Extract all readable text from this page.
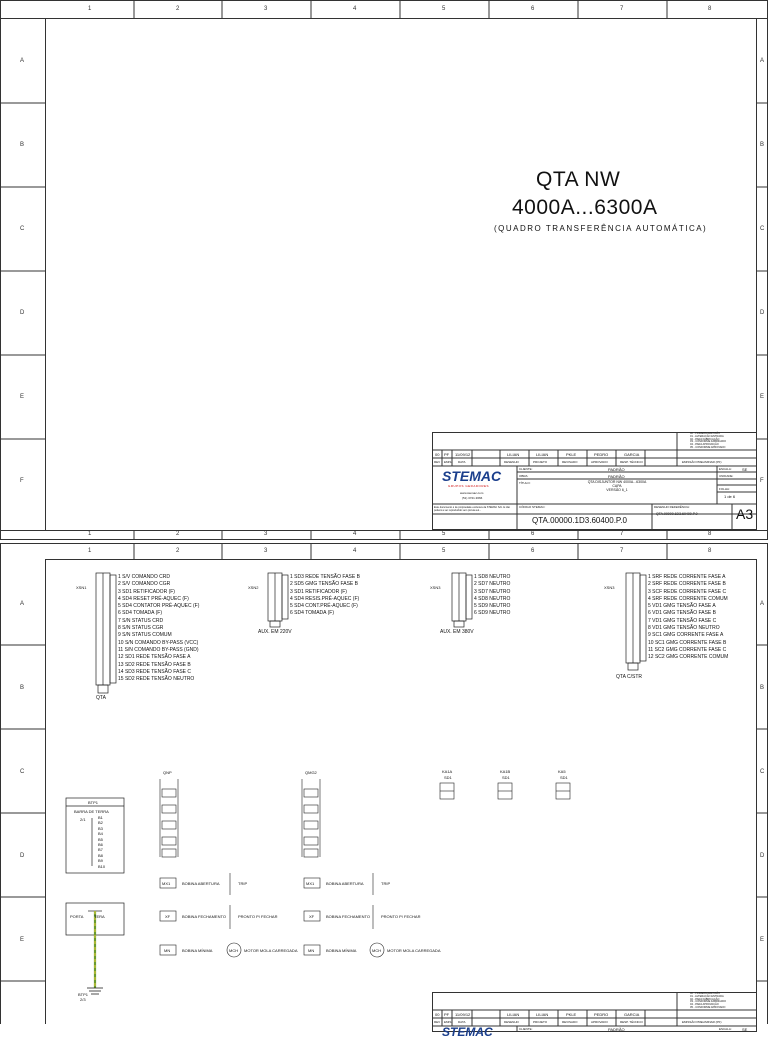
1	2	3	4	5	6	7	8
1	2	3	4	5	6	7	8
A
B
C
D
E
F
A
B
C
D
E
F
QTA NW
4000A...6300A
(QUADRO TRANSFERÊNCIA AUTOMÁTICA)
00 - PRIMEIRA EMISSÃO
01 - ALTERAÇÃO ENTRADA
02 - PARA FABRICAÇÃO
03 - CONFORME FABRICADO
04 - PARA APROVAÇÃO
05 - CONFORME APROVADO
00 PF 11/09/12	LILIAN	LILIAN	PKLE	PEDRO	GARCIA
REV EMIS DATA	DESENHO	PROJETO	REVISADO	APROVADO	RESP. TÉCNICO	EMISSÃO PRELIMINAR (PF)
STEMAC
GRUPOS GERADORES
www.stemac.com
(51) 3721.3666
Este documento é de propriedade exclusiva da STEMAC S/A. E não poderá a ser reproduzido sem prévia aut...
CLIENTE:	PADRÃO
OBRA:	PADRÃO
TÍTULO:	QTA DISJUNTOR NW 4000A...6300A
CAPA
VERSÃO 6_1
ESCALA:	SE
UNIDADE:
FOLHA:
1 de 6
CÓDIGO STEMAC:
QTA.00000.1D3.60400.P.0
DESENHO REFERÊNCIA:
QTA.00000.1D3.60400.P.0	A3
1	2	3	4	5	6	7	8
A
B
C
D
E
A
B
C
D
E
XSN1
QTA
1 S/V COMANDO CRD
2 S/V COMANDO CGR
3 SD1 RETIFICADOR (F)
4 SD4 RESET PRÉ-AQUEC (F)
5 SD4 CONTATOR PRÉ-AQUEC (F)
6 SD4 TOMADA (F)
7 S/N STATUS CRD
8 S/N STATUS CGR
9 S/N STATUS COMUM
10 S/N COMANDO BY-PASS (VCC)
11 S/N COMANDO BY-PASS (GND)
12 SD1 REDE TENSÃO FASE A
13 SD2 REDE TENSÃO FASE B
14 SD3 REDE TENSÃO FASE C
15 SD2 REDE TENSÃO NEUTRO
XSN2
AUX. EM 220V
1 SD3 REDE TENSÃO FASE B
2 SD5 GMG TENSÃO FASE B
3 SD1 RETIFICADOR (F)
4 SD4 RESIS.PRÉ-AQUEC (F)
5 SD4 CONT.PRÉ-AQUEC (F)
6 SD4 TOMADA (F)
XSN3
AUX. EM 380V
1 SD8 NEUTRO
2 SD7 NEUTRO
3 SD7 NEUTRO
4 SD8 NEUTRO
5 SD9 NEUTRO
6 SD9 NEUTRO
XSN3
QTA C/STR
1 SRF REDE CORRENTE FASE A
2 SRF REDE CORRENTE FASE B
3 SCF REDE CORRENTE FASE C
4 SRF REDE CORRENTE COMUM
5 VD1 GMG TENSÃO FASE A
6 VD1 GMG TENSÃO FASE B
7 VD1 GMG TENSÃO FASE C
8 VD1 GMG TENSÃO NEUTRO
9 SC1 GMG CORRENTE FASE A
10 SC1 GMG CORRENTE FASE B
11 SC2 GMG CORRENTE FASE C
12 SC2 GMG CORRENTE COMUM
BTP1
BARRA DE TERRA
2/1	B1
B2
B3
B4
B5
B6
B7
B8
B9
B10
PORTA	TERA
BTP1
2/3
QNP	QMG2	KA1A	KA1B	KA5
SD1	SD1	SD1
MX1
XF
MN
BOBINA ABERTURA
BOBINA FECHAMENTO
BOBINA MÍNIMA
TRIP
PRONTO P/ FECHAR
MCH MOTOR MOLA CARREGADA
MX1
XF
MN
BOBINA ABERTURA
BOBINA FECHAMENTO
BOBINA MÍNIMA
TRIP
PRONTO P/ FECHAR
MCH MOTOR MOLA CARREGADA
00 - PRIMEIRA EMISSÃO
01 - ALTERAÇÃO ENTRADA
02 - PARA FABRICAÇÃO
03 - CONFORME FABRICADO
04 - PARA APROVAÇÃO
05 - CONFORME APROVADO
00 PF 11/09/12	LILIAN	LILIAN	PKLE	PEDRO	GARCIA
REV EMIS DATA	DESENHO	PROJETO	REVISADO	APROVADO	RESP. TÉCNICO	EMISSÃO PRELIMINAR (PF)
STEMAC	CLIENTE:	PADRÃO	ESCALA:	SE
